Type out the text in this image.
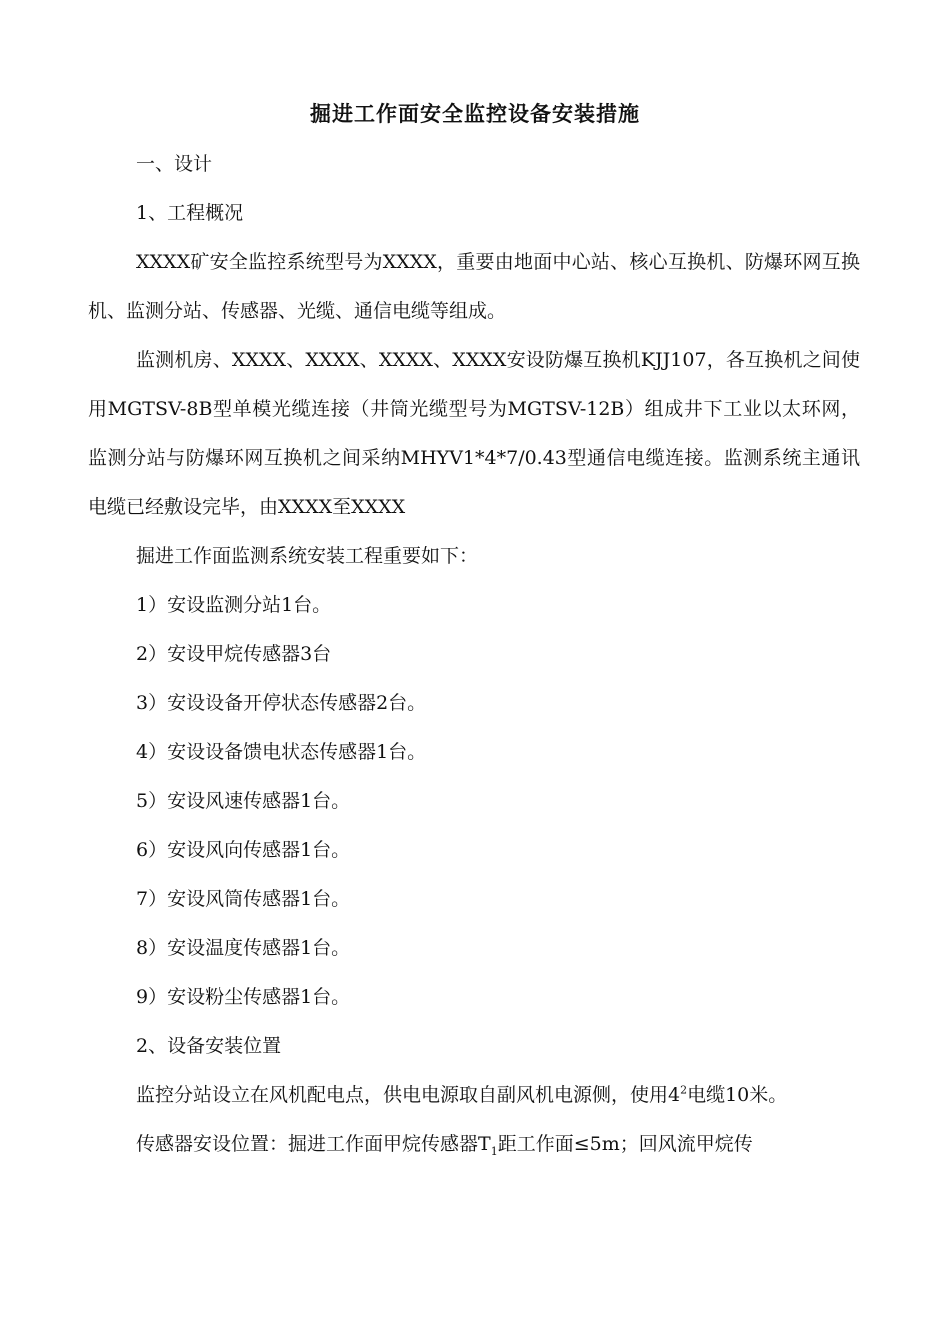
掘进工作面安全监控设备安装措施

一、设计

1、工程概况

XXXX矿安全监控系统型号为XXXX，重要由地面中心站、核心互换机、防爆环网互换机、监测分站、传感器、光缆、通信电缆等组成。

监测机房、XXXX、XXXX、XXXX、XXXX安设防爆互换机KJJ107，各互换机之间使用MGTSV-8B型单模光缆连接（井筒光缆型号为MGTSV-12B）组成井下工业以太环网，监测分站与防爆环网互换机之间采纳MHYV1*4*7/0.43型通信电缆连接。监测系统主通讯电缆已经敷设完毕，由XXXX至XXXX

掘进工作面监测系统安装工程重要如下：

1）安设监测分站1台。

2）安设甲烷传感器3台

3）安设设备开停状态传感器2台。

4）安设设备馈电状态传感器1台。

5）安设风速传感器1台。

6）安设风向传感器1台。

7）安设风筒传感器1台。

8）安设温度传感器1台。

9）安设粉尘传感器1台。

2、设备安装位置

监控分站设立在风机配电点，供电电源取自副风机电源侧，使用$4^2$电缆10米。

传感器安设位置：掘进工作面甲烷传感器$T_1$距工作面≤5m；回风流甲烷传
